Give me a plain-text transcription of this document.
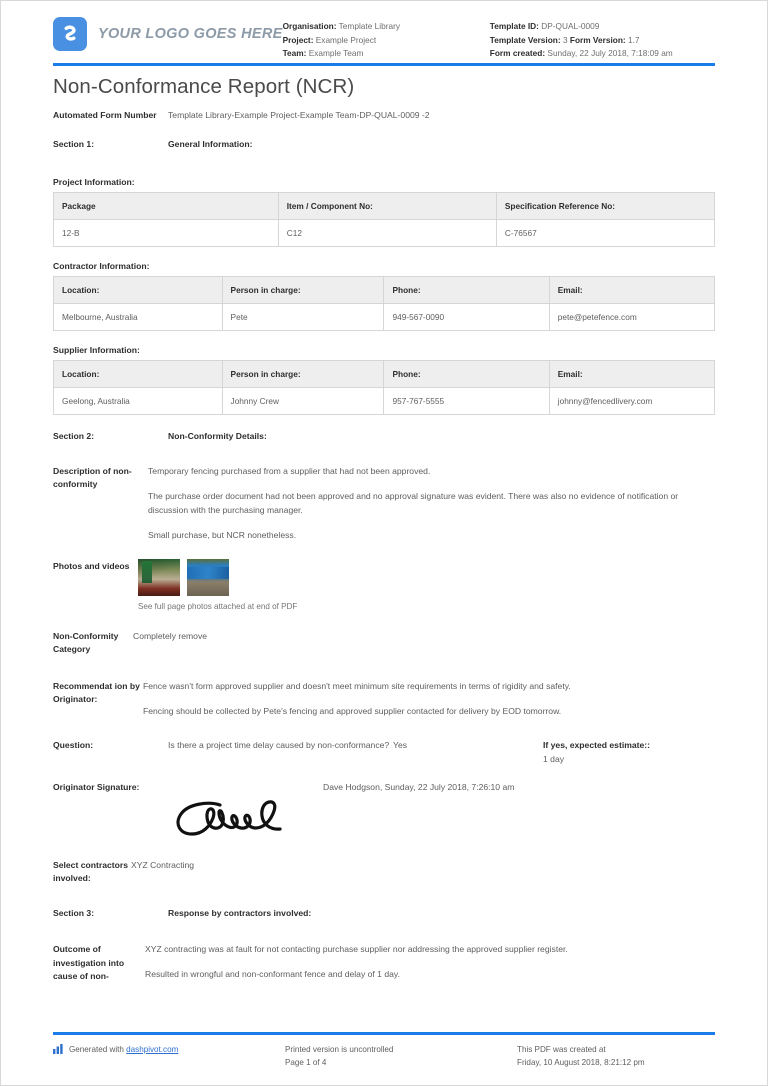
YOUR LOGO GOES HERE Organisation: Template Library
Project: Example Project
Team: Example Team
Template ID: DP-QUAL-0009
Template Version: 3 Form Version: 1.7
Form created: Sunday, 22 July 2018, 7:18:09 am
Non-Conformance Report (NCR)
Automated Form Number	Template Library-Example Project-Example Team-DP-QUAL-0009 -2
Section 1:	General Information:
Project Information:
Package	Item / Component No:	Specification Reference No:
12-B	C12	C-76567
Contractor Information:
Location:	Person in charge:	Phone:	Email:
Melbourne, Australia	Pete	949-567-0090	pete@petefence.com
Supplier Information:
Location:	Person in charge:	Phone:	Email:
Geelong, Australia	Johnny Crew	957-767-5555	johnny@fencedlivery.com
Section 2:	Non-Conformity Details:
Description of non-conformity

Temporary fencing purchased from a supplier that had not been approved.

The purchase order document had not been approved and no approval signature was evident. There was also no evidence of notification or discussion with the purchasing manager.

Small purchase, but NCR nonetheless.

Photos and videos
See full page photos attached at end of PDF
Non-Conformity Category
Completely remove
Recommendat ion by Originator:

Fence wasn't form approved supplier and doesn't meet minimum site requirements in terms of rigidity and safety.

Fencing should be collected by Pete's fencing and approved supplier contacted for delivery by EOD tomorrow.

Question:	Is there a project time delay caused by non-conformance? Yes	If yes, expected estimate::
1 day
Originator Signature:	Dave Hodgson, Sunday, 22 July 2018, 7:26:10 am
Select contractors involved:
XYZ Contracting
Section 3:	Response by contractors involved:
Outcome of investigation into cause of non-

XYZ contracting was at fault for not contacting purchase supplier nor addressing the approved supplier register.

Resulted in wrongful and non-conformant fence and delay of 1 day.

Generated with dashpivot.com	Printed version is uncontrolled
Page 1 of 4
This PDF was created at
Friday, 10 August 2018, 8:21:12 pm
